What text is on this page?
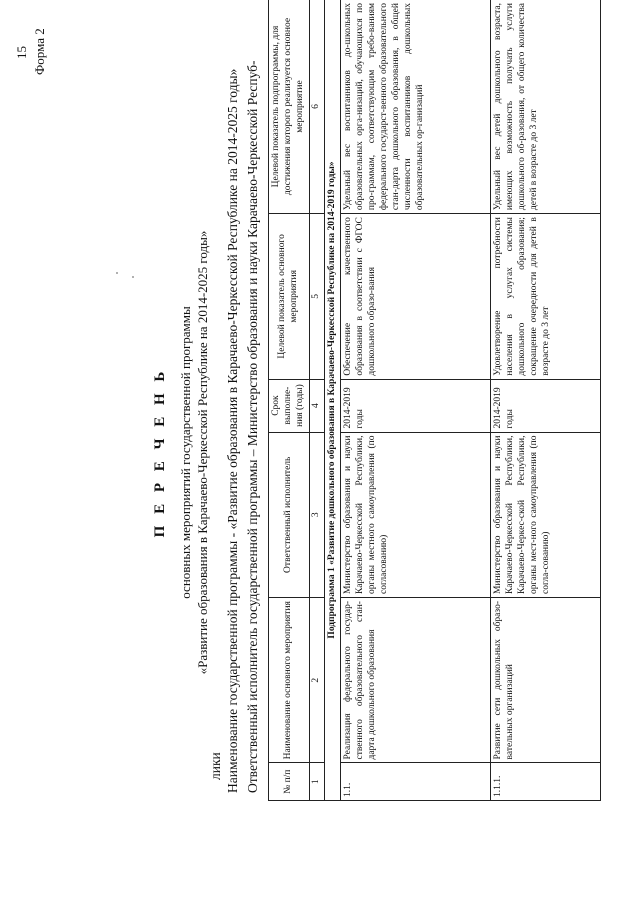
15 Форма 2
П Е Р Е Ч Е Н Ь основных мероприятий государственной программы «Развитие образования в Карачаево-Черкесской Республике на 2014-2025 годы» Наименование государственной программы - «Развитие образования в Карачаево-Черкесской Республике на 2014-2025 годы» Ответственный исполнитель государственной программы – Министерство образования и науки Карачаево-Черкесской Респуб- № п/п	Наименование основного мероприятия	Ответственный исполнитель	Срок выполне-ния (годы)	Целевой показатель основного мероприятия	Целевой показатель подпрограммы, для достижения которого реализуется основное мероприятие
1	2	3	4	5	6
Подпрограмма 1 «Развитие дошкольного образования в Карачаево-Черкесской Республике на 2014-2019 годы»					
1.1.	Реализация федерального государ-ственного образовательного стан-дарта дошкольного образования	Министерство образования и науки Карачаево-Черкесской Республики, органы местного самоуправления (по согласованию)	2014-2019 годы	Обеспечение качественного образования в соответствии с ФГОС дошкольного образо-вания	Удельный вес воспитанников до-школьных образовательных орга-низаций, обучающихся по про-граммам, соответствующим требо-ваниям федерального государст-венного образовательного стан-дарта дошкольного образования, в общей численности воспитанников дошкольных образовательных ор-ганизаций
1.1.1.	Развитие сети дошкольных образо-вательных организаций	Министерство образования и науки Карачаево-Черкесской Республики, Карачаево-Черкес-ской Республики, органы мест-ного самоуправления (по согла-сованию)	2014-2019 годы	Удовлетворение потребности населения в услугах системы дошкольного образования; сокращение очередности для детей в возрасте до 3 лет	Удельный вес детей дошкольного возраста, имеющих возможность получать услуги дошкольного об-разования, от общего количества детей в возрасте до 3 лет
лики
